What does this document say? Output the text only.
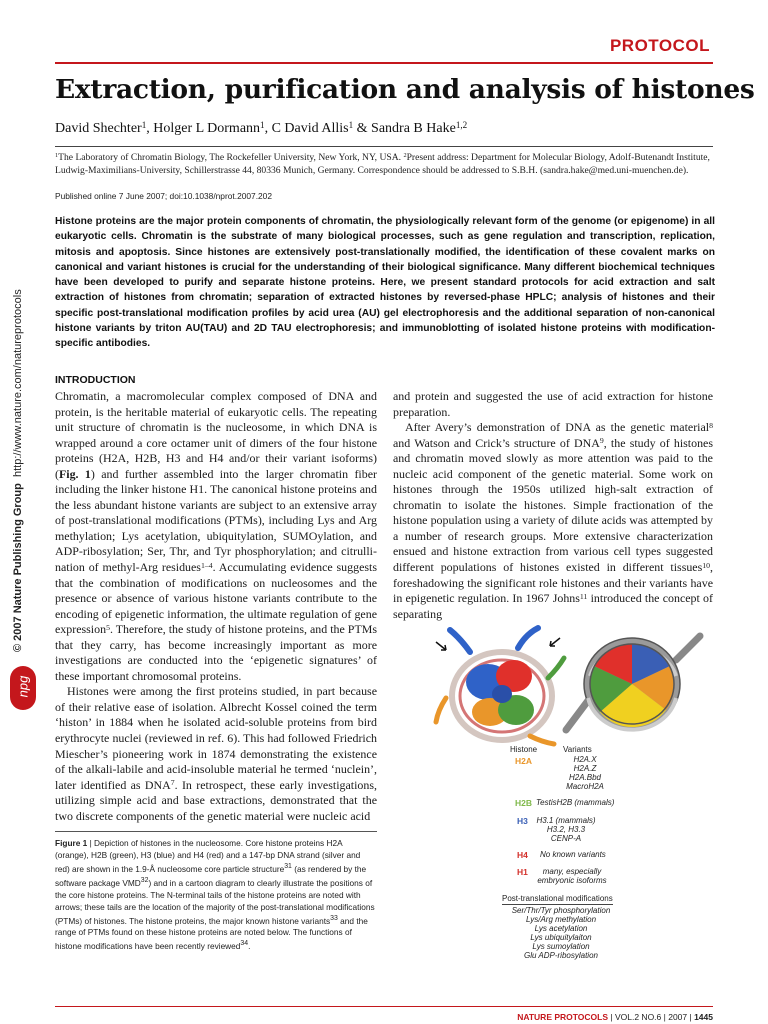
PROTOCOL
Extraction, purification and analysis of histones
David Shechter$^1$, Holger L Dormann$^1$, C David Allis$^1$ & Sandra B Hake$^{1,2}$
$^1$The Laboratory of Chromatin Biology, The Rockefeller University, New York, NY, USA. $^2$Present address: Department for Molecular Biology, Adolf-Butenandt Institute, Ludwig-Maximilians-University, Schillerstrasse 44, 80336 Munich, Germany. Correspondence should be addressed to S.B.H. (sandra.hake@med.uni-muenchen.de).
Published online 7 June 2007; doi:10.1038/nprot.2007.202
Histone proteins are the major protein components of chromatin, the physiologically relevant form of the genome (or epigenome) in all eukaryotic cells. Chromatin is the substrate of many biological processes, such as gene regulation and transcription, replication, mitosis and apoptosis. Since histones are extensively post-translationally modified, the identification of these covalent marks on canonical and variant histones is crucial for the understanding of their biological significance. Many different biochemical techniques have been developed to purify and separate histone proteins. Here, we present standard protocols for acid extraction and salt extraction of histones from chromatin; separation of extracted histones by reversed-phase HPLC; analysis of histones and their specific post-translational modification profiles by acid urea (AU) gel electrophoresis and the additional separation of non-canonical histone variants by triton AU(TAU) and 2D TAU electrophoresis; and immunoblotting of isolated histone proteins with modification-specific antibodies.
© 2007 Nature Publishing Group  http://www.nature.com/natureprotocols
npg
INTRODUCTION

Chromatin, a macromolecular complex composed of DNA and protein, is the heritable material of eukaryotic cells. The repeating unit structure of chromatin is the nucleosome, in which DNA is wrapped around a core octamer unit of dimers of the four histone proteins (H2A, H2B, H3 and H4 and/or their variant isoforms) (Fig. 1) and further assembled into the larger chromatin fiber including the linker histone H1. The canonical histone proteins and the less abundant histone variants are subject to an extensive array of post-translational modifications (PTMs), including Lys and Arg methylation; Lys acetylation, ubiquitylation, SUMOylation, and ADP-ribosylation; Ser, Thr, and Tyr phosphorylation; and citrullination of methyl-Arg residues$^{1-4}$. Accumulating evidence suggests that the combination of modifications on nucleosomes and the presence or absence of various histone variants contribute to the encoding of epigenetic information, the ultimate regulation of gene expression$^5$. Therefore, the study of histone proteins, and the PTMs that they carry, has become increasingly important as more investigations are conducted into the ‘epigenetic signatures’ of these important chromosomal proteins.

Histones were among the first proteins studied, in part because of their relative ease of isolation. Albrecht Kossel coined the term ‘histon’ in 1884 when he isolated acid-soluble proteins from bird erythrocyte nuclei (reviewed in ref. 6). This had followed Friedrich Miescher’s pioneering work in 1874 demonstrating the existence of the alkali-labile and acid-insoluble material he termed ‘nuclein’, later identified as DNA$^7$. In retrospect, these early investigations, utilizing simple acid and base extractions, demonstrated that the two discrete components of the genetic material were nucleic acid

and protein and suggested the use of acid extraction for histone preparation.

After Avery’s demonstration of DNA as the genetic material$^8$ and Watson and Crick’s structure of DNA$^9$, the study of histones and chromatin moved slowly as more attention was paid to the nucleic acid component of the genetic material. Some work on histones through the 1950s utilized high-salt extraction of chromatin to isolate the histones. Simple fractionation of the histone population using a variety of dilute acids was attempted by a number of research groups. More extensive characterization ensued and histone extraction from various cell types suggested different populations of histones existed in different tissues$^{10}$, foreshadowing the significant role histones and their variants have in epigenetic regulation. In 1967 Johns$^{11}$ introduced the concept of separating

Figure 1 | Depiction of histones in the nucleosome. Core histone proteins H2A (orange), H2B (green), H3 (blue) and H4 (red) and a 147-bp DNA strand (silver and red) are shown in the 1.9-Å nucleosome core particle structure$^{31}$ (as rendered by the software package VMD$^{32}$) and in a cartoon diagram to clearly illustrate the positions of the core histone proteins. The N-terminal tails of the histone proteins are noted with arrows; these tails are the location of the majority of the post-translational modifications (PTMs) of histones. The histone proteins, the major known histone variants$^{33}$ and the range of PTMs found on these histone proteins are noted below. The functions of histone modifications have been recently reviewed$^{34}$.
Histone	Variants
H2A	H2A.X
H2A.Z
H2A.Bbd
MacroH2A
H2B TestisH2B (mammals)
H3 H3.1 (mammals)
H3.2, H3.3
CENP-A
H4 No known variants
H1	many, especially
embryonic isoforms
Post-translational modifications
Ser/Thr/Tyr phosphorylation
Lys/Arg methylation
Lys acetylation
Lys ubiquitylaiton
Lys sumoylation
Glu ADP-ribosylation
NATURE PROTOCOLS | VOL.2 NO.6 | 2007 | 1445
